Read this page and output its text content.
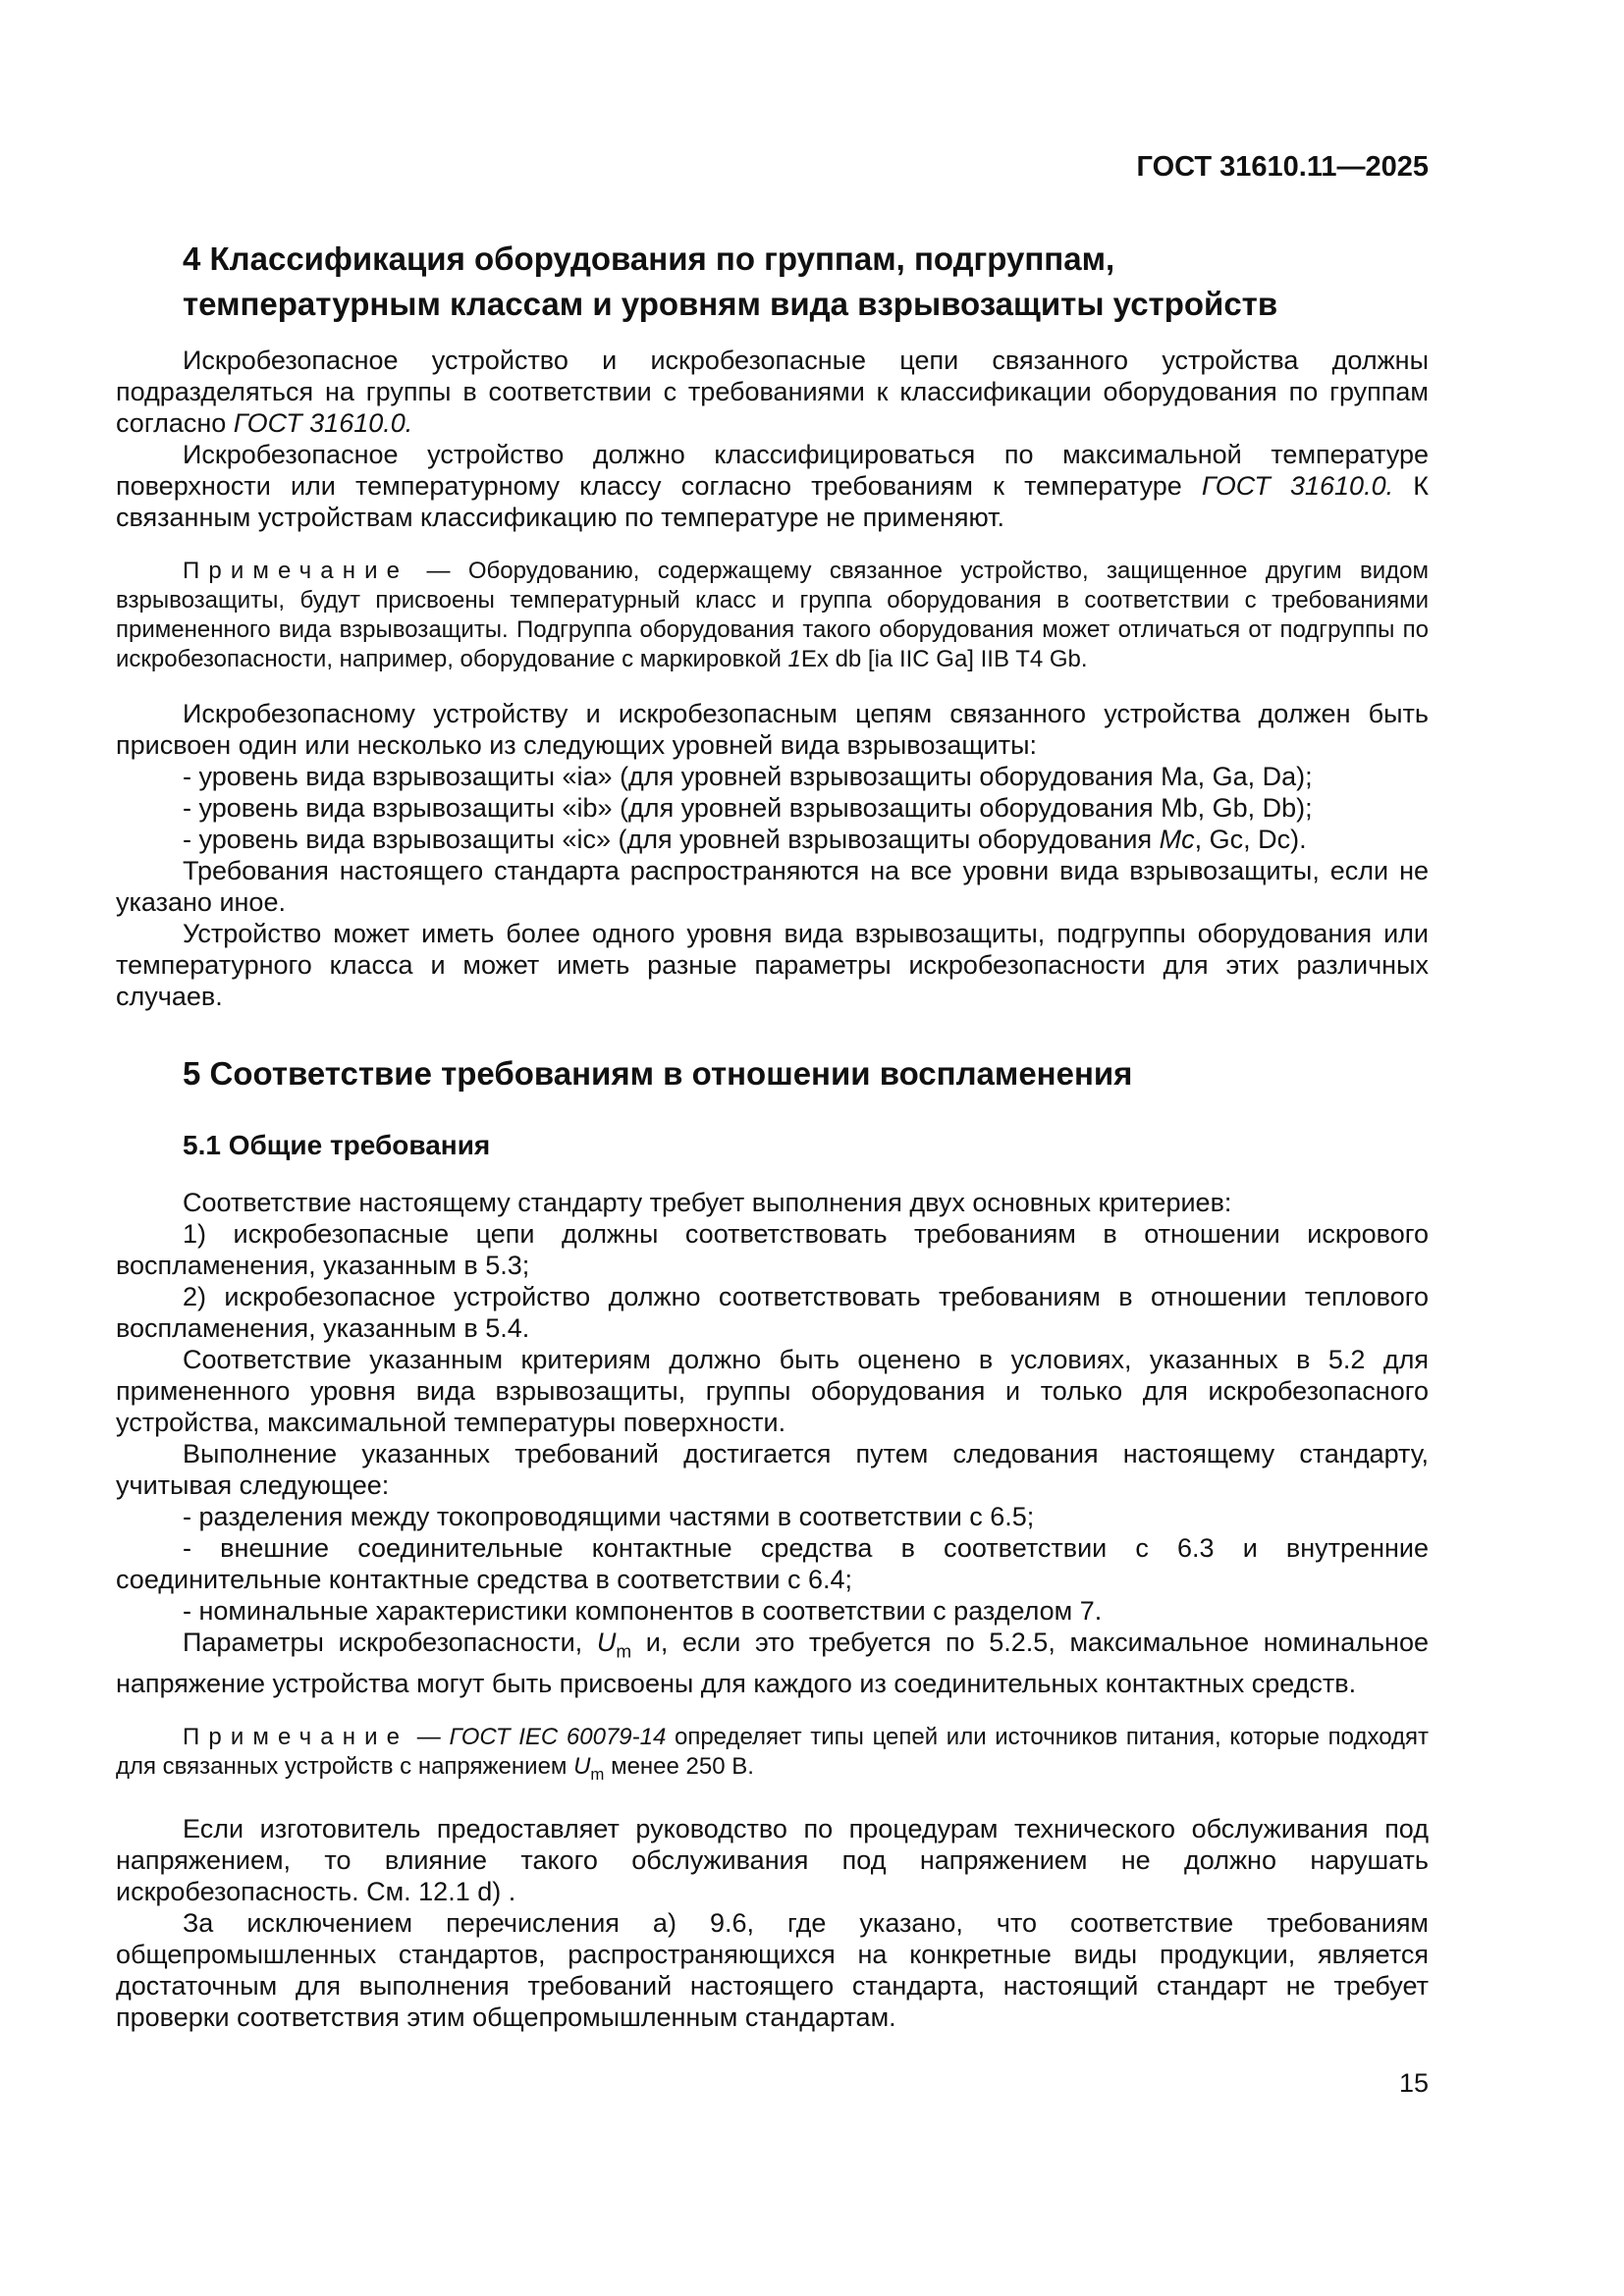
ГОСТ 31610.11—2025
4 Классификация оборудования по группам, подгруппам,
температурным классам и уровням вида взрывозащиты устройств

Искробезопасное устройство и искробезопасные цепи связанного устройства должны подразделяться на группы в соответствии с требованиями к классификации оборудования по группам согласно ГОСТ 31610.0.

Искробезопасное устройство должно классифицироваться по максимальной температуре поверхности или температурному классу согласно требованиям к температуре ГОСТ 31610.0. К связанным устройствам классификацию по температуре не применяют.

Примечание — Оборудованию, содержащему связанное устройство, защищенное другим видом взрывозащиты, будут присвоены температурный класс и группа оборудования в соответствии с требованиями примененного вида взрывозащиты. Подгруппа оборудования такого оборудования может отличаться от подгруппы по искробезопасности, например, оборудование с маркировкой 1Ex db [ia IIC Ga] IIB T4 Gb.

Искробезопасному устройству и искробезопасным цепям связанного устройства должен быть присвоен один или несколько из следующих уровней вида взрывозащиты:

- уровень вида взрывозащиты «ia» (для уровней взрывозащиты оборудования Ma, Ga, Da);

- уровень вида взрывозащиты «ib» (для уровней взрывозащиты оборудования Mb, Gb, Db);

- уровень вида взрывозащиты «ic» (для уровней взрывозащиты оборудования Мс, Gc, Dc).

Требования настоящего стандарта распространяются на все уровни вида взрывозащиты, если не указано иное.

Устройство может иметь более одного уровня вида взрывозащиты, подгруппы оборудования или температурного класса и может иметь разные параметры искробезопасности для этих различных случаев.

5 Соответствие требованиям в отношении воспламенения
5.1 Общие требования

Соответствие настоящему стандарту требует выполнения двух основных критериев:

1) искробезопасные цепи должны соответствовать требованиям в отношении искрового воспламенения, указанным в 5.3;

2) искробезопасное устройство должно соответствовать требованиям в отношении теплового воспламенения, указанным в 5.4.

Соответствие указанным критериям должно быть оценено в условиях, указанных в 5.2 для примененного уровня вида взрывозащиты, группы оборудования и только для искробезопасного устройства, максимальной температуры поверхности.

Выполнение указанных требований достигается путем следования настоящему стандарту, учитывая следующее:

- разделения между токопроводящими частями в соответствии с 6.5;

- внешние соединительные контактные средства в соответствии с 6.3 и внутренние соединительные контактные средства в соответствии с 6.4;

- номинальные характеристики компонентов в соответствии с разделом 7.

Параметры искробезопасности, $U_m$ и, если это требуется по 5.2.5, максимальное номинальное напряжение устройства могут быть присвоены для каждого из соединительных контактных средств.

Примечание — ГОСТ IEC 60079-14 определяет типы цепей или источников питания, которые подходят для связанных устройств с напряжением $U_m$ менее 250 В.

Если изготовитель предоставляет руководство по процедурам технического обслуживания под напряжением, то влияние такого обслуживания под напряжением не должно нарушать искробезопасность. См. 12.1 d) .

За исключением перечисления а) 9.6, где указано, что соответствие требованиям общепромышленных стандартов, распространяющихся на конкретные виды продукции, является достаточным для выполнения требований настоящего стандарта, настоящий стандарт не требует проверки соответствия этим общепромышленным стандартам.

15
